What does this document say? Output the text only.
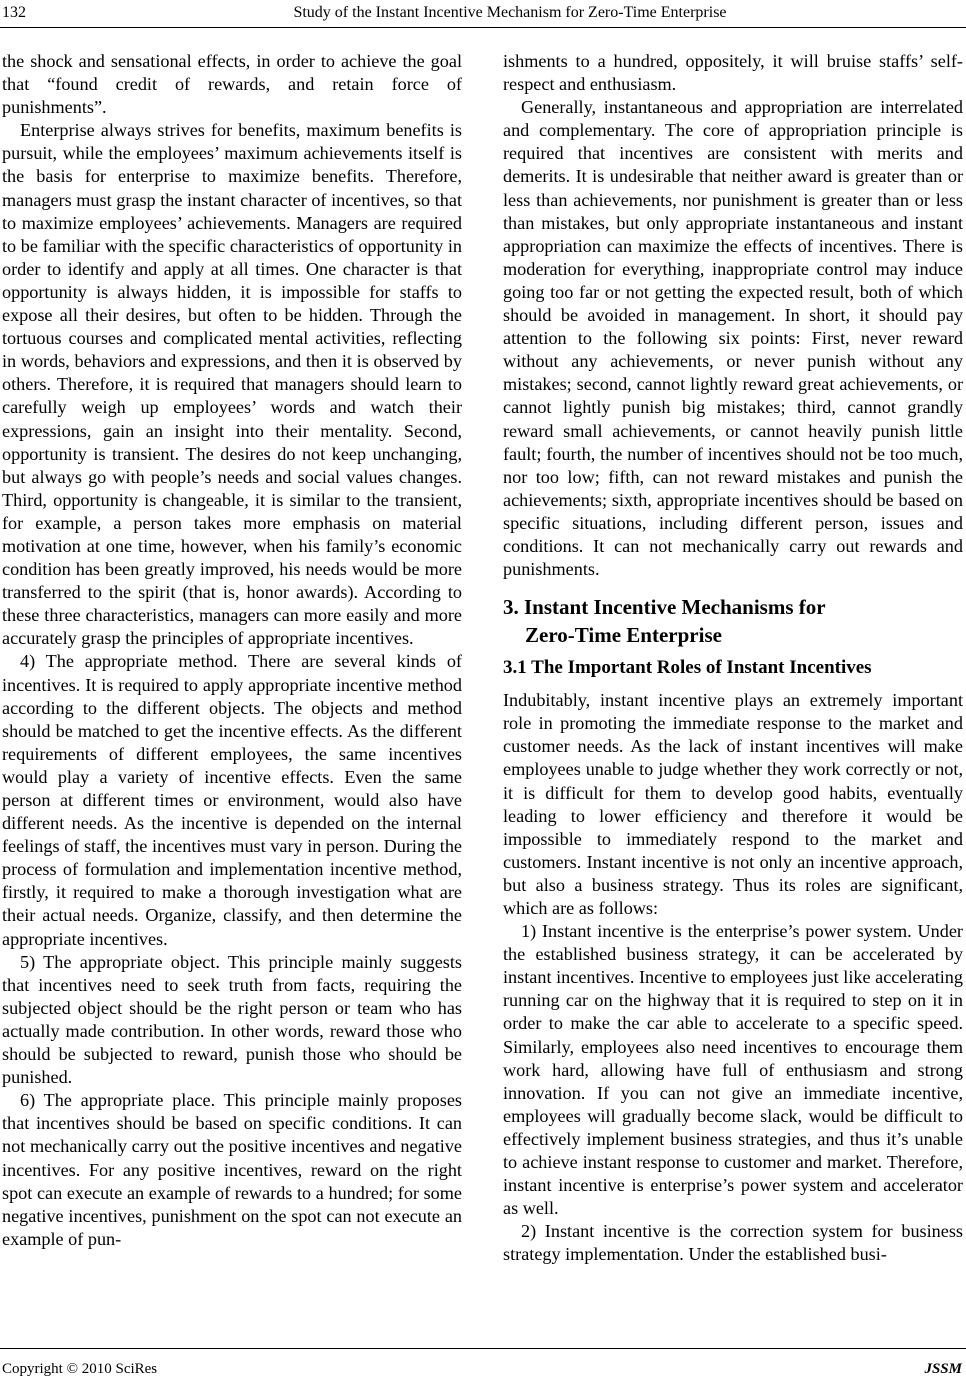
132	Study of the Instant Incentive Mechanism for Zero-Time Enterprise

the shock and sensational effects, in order to achieve the goal that “found credit of rewards, and retain force of punishments”.

Enterprise always strives for benefits, maximum benefits is pursuit, while the employees’ maximum achievements itself is the basis for enterprise to maximize benefits. Therefore, managers must grasp the instant character of incentives, so that to maximize employees’ achievements. Managers are required to be familiar with the specific characteristics of opportunity in order to identify and apply at all times. One character is that opportunity is always hidden, it is impossible for staffs to expose all their desires, but often to be hidden. Through the tortuous courses and complicated mental activities, reflecting in words, behaviors and expressions, and then it is observed by others. Therefore, it is required that managers should learn to carefully weigh up employees’ words and watch their expressions, gain an insight into their mentality. Second, opportunity is transient. The desires do not keep unchanging, but always go with people’s needs and social values changes. Third, opportunity is changeable, it is similar to the transient, for example, a person takes more emphasis on material motivation at one time, however, when his family’s economic condition has been greatly improved, his needs would be more transferred to the spirit (that is, honor awards). According to these three characteristics, managers can more easily and more accurately grasp the principles of appropriate incentives.

4) The appropriate method. There are several kinds of incentives. It is required to apply appropriate incentive method according to the different objects. The objects and method should be matched to get the incentive effects. As the different requirements of different employees, the same incentives would play a variety of incentive effects. Even the same person at different times or environment, would also have different needs. As the incentive is depended on the internal feelings of staff, the incentives must vary in person. During the process of formulation and implementation incentive method, firstly, it required to make a thorough investigation what are their actual needs. Organize, classify, and then determine the appropriate incentives.

5) The appropriate object. This principle mainly suggests that incentives need to seek truth from facts, requiring the subjected object should be the right person or team who has actually made contribution. In other words, reward those who should be subjected to reward, punish those who should be punished.

6) The appropriate place. This principle mainly proposes that incentives should be based on specific conditions. It can not mechanically carry out the positive incentives and negative incentives. For any positive incentives, reward on the right spot can execute an example of rewards to a hundred; for some negative incentives, punishment on the spot can not execute an example of pun-

ishments to a hundred, oppositely, it will bruise staffs’ self-respect and enthusiasm.

Generally, instantaneous and appropriation are interrelated and complementary. The core of appropriation principle is required that incentives are consistent with merits and demerits. It is undesirable that neither award is greater than or less than achievements, nor punishment is greater than or less than mistakes, but only appropriate instantaneous and instant appropriation can maximize the effects of incentives. There is moderation for everything, inappropriate control may induce going too far or not getting the expected result, both of which should be avoided in management. In short, it should pay attention to the following six points: First, never reward without any achievements, or never punish without any mistakes; second, cannot lightly reward great achievements, or cannot lightly punish big mistakes; third, cannot grandly reward small achievements, or cannot heavily punish little fault; fourth, the number of incentives should not be too much, nor too low; fifth, can not reward mistakes and punish the achievements; sixth, appropriate incentives should be based on specific situations, including different person, issues and conditions. It can not mechanically carry out rewards and punishments.

3. Instant Incentive Mechanisms for
Zero-Time Enterprise
3.1 The Important Roles of Instant Incentives

Indubitably, instant incentive plays an extremely important role in promoting the immediate response to the market and customer needs. As the lack of instant incentives will make employees unable to judge whether they work correctly or not, it is difficult for them to develop good habits, eventually leading to lower efficiency and therefore it would be impossible to immediately respond to the market and customers. Instant incentive is not only an incentive approach, but also a business strategy. Thus its roles are significant, which are as follows:

1) Instant incentive is the enterprise’s power system. Under the established business strategy, it can be accelerated by instant incentives. Incentive to employees just like accelerating running car on the highway that it is required to step on it in order to make the car able to accelerate to a specific speed. Similarly, employees also need incentives to encourage them work hard, allowing have full of enthusiasm and strong innovation. If you can not give an immediate incentive, employees will gradually become slack, would be difficult to effectively implement business strategies, and thus it’s unable to achieve instant response to customer and market. Therefore, instant incentive is enterprise’s power system and accelerator as well.

2) Instant incentive is the correction system for business strategy implementation. Under the established busi-

Copyright © 2010 SciRes	JSSM
